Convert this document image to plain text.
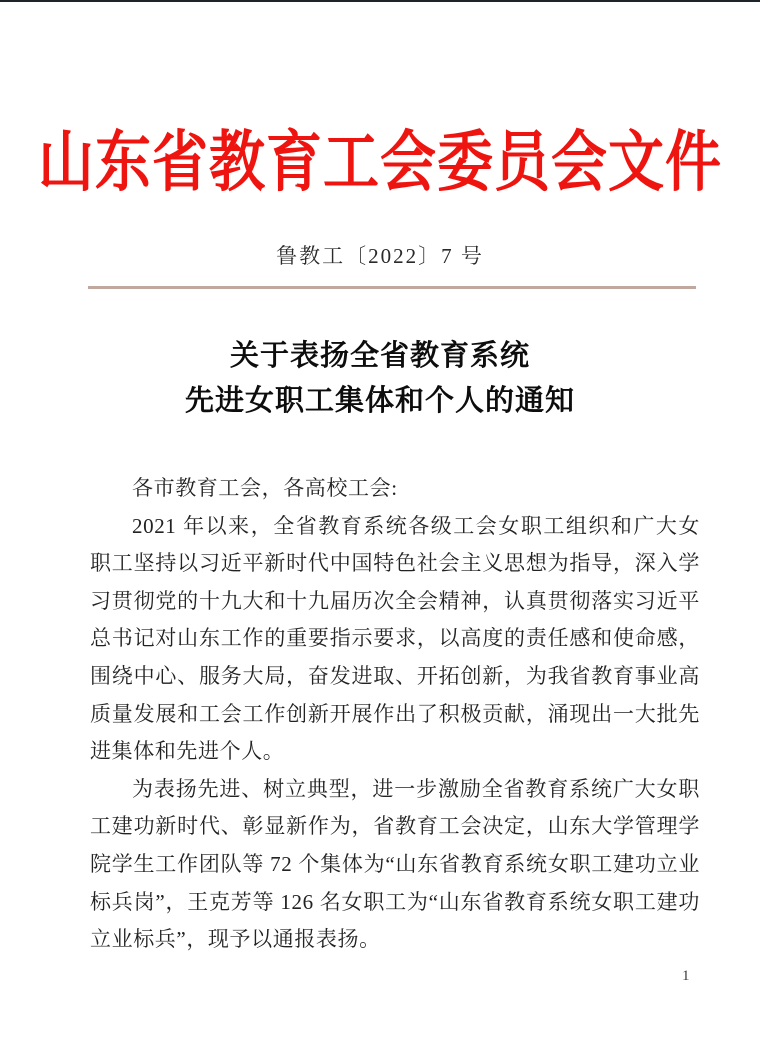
山东省教育工会委员会文件
鲁教工〔2022〕7 号
关于表扬全省教育系统
先进女职工集体和个人的通知
各市教育工会，各高校工会:
2021 年以来，全省教育系统各级工会女职工组织和广大女职工坚持以习近平新时代中国特色社会主义思想为指导，深入学习贯彻党的十九大和十九届历次全会精神，认真贯彻落实习近平总书记对山东工作的重要指示要求，以高度的责任感和使命感，围绕中心、服务大局，奋发进取、开拓创新，为我省教育事业高质量发展和工会工作创新开展作出了积极贡献，涌现出一大批先进集体和先进个人。
为表扬先进、树立典型，进一步激励全省教育系统广大女职工建功新时代、彰显新作为，省教育工会决定，山东大学管理学院学生工作团队等 72 个集体为“山东省教育系统女职工建功立业标兵岗”，王克芳等 126 名女职工为“山东省教育系统女职工建功立业标兵”，现予以通报表扬。
1
